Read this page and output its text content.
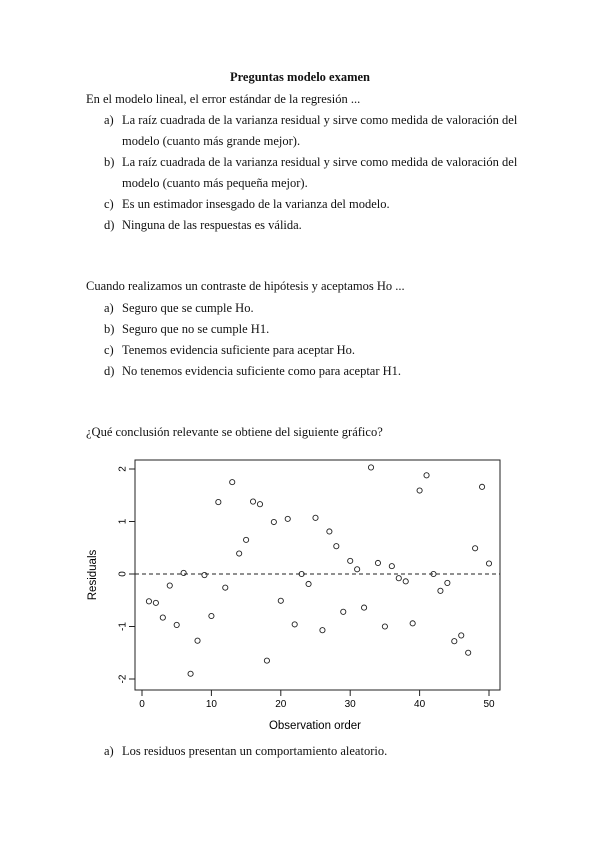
Preguntas modelo examen
En el modelo lineal, el error estándar de la regresión ...
a) La raíz cuadrada de la varianza residual y sirve como medida de valoración del modelo (cuanto más grande mejor).
b) La raíz cuadrada de la varianza residual y sirve como medida de valoración del modelo (cuanto más pequeña mejor).
c) Es un estimador insesgado de la varianza del modelo.
d) Ninguna de las respuestas es válida.
Cuando realizamos un contraste de hipótesis y aceptamos Ho ...
a) Seguro que se cumple Ho.
b) Seguro que no se cumple H1.
c) Tenemos evidencia suficiente para aceptar Ho.
d) No tenemos evidencia suficiente como para aceptar H1.
¿Qué conclusión relevante se obtiene del siguiente gráfico?
0	10	20	30	40	50
-2
-1
0
1
2
Observation order
Residuals
a) Los residuos presentan un comportamiento aleatorio.
